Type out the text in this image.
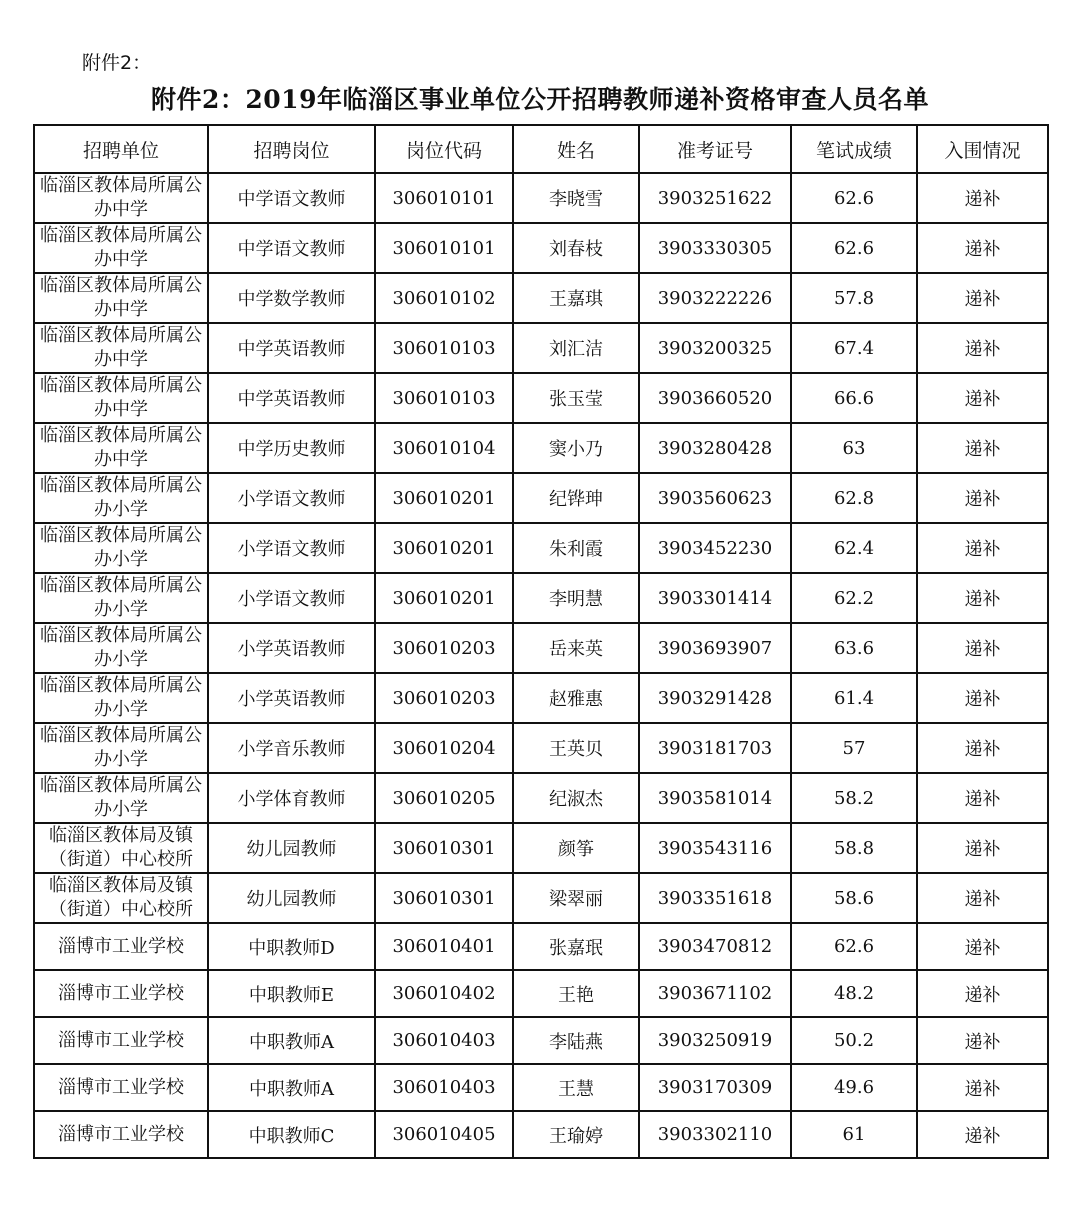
附件2：
附件2：2019年临淄区事业单位公开招聘教师递补资格审查人员名单
招聘单位	招聘岗位	岗位代码	姓名	准考证号	笔试成绩	入围情况
临淄区教体局所属公办中学	中学语文教师	306010101	李晓雪	3903251622	62.6	递补
临淄区教体局所属公办中学	中学语文教师	306010101	刘春枝	3903330305	62.6	递补
临淄区教体局所属公办中学	中学数学教师	306010102	王嘉琪	3903222226	57.8	递补
临淄区教体局所属公办中学	中学英语教师	306010103	刘汇洁	3903200325	67.4	递补
临淄区教体局所属公办中学	中学英语教师	306010103	张玉莹	3903660520	66.6	递补
临淄区教体局所属公办中学	中学历史教师	306010104	窦小乃	3903280428	63	递补
临淄区教体局所属公办小学	小学语文教师	306010201	纪铧珅	3903560623	62.8	递补
临淄区教体局所属公办小学	小学语文教师	306010201	朱利霞	3903452230	62.4	递补
临淄区教体局所属公办小学	小学语文教师	306010201	李明慧	3903301414	62.2	递补
临淄区教体局所属公办小学	小学英语教师	306010203	岳来英	3903693907	63.6	递补
临淄区教体局所属公办小学	小学英语教师	306010203	赵雅惠	3903291428	61.4	递补
临淄区教体局所属公办小学	小学音乐教师	306010204	王英贝	3903181703	57	递补
临淄区教体局所属公办小学	小学体育教师	306010205	纪淑杰	3903581014	58.2	递补
临淄区教体局及镇（街道）中心校所	幼儿园教师	306010301	颜筝	3903543116	58.8	递补
临淄区教体局及镇（街道）中心校所	幼儿园教师	306010301	梁翠丽	3903351618	58.6	递补
淄博市工业学校	中职教师D	306010401	张嘉珉	3903470812	62.6	递补
淄博市工业学校	中职教师E	306010402	王艳	3903671102	48.2	递补
淄博市工业学校	中职教师A	306010403	李陆燕	3903250919	50.2	递补
淄博市工业学校	中职教师A	306010403	王慧	3903170309	49.6	递补
淄博市工业学校	中职教师C	306010405	王瑜婷	3903302110	61	递补
